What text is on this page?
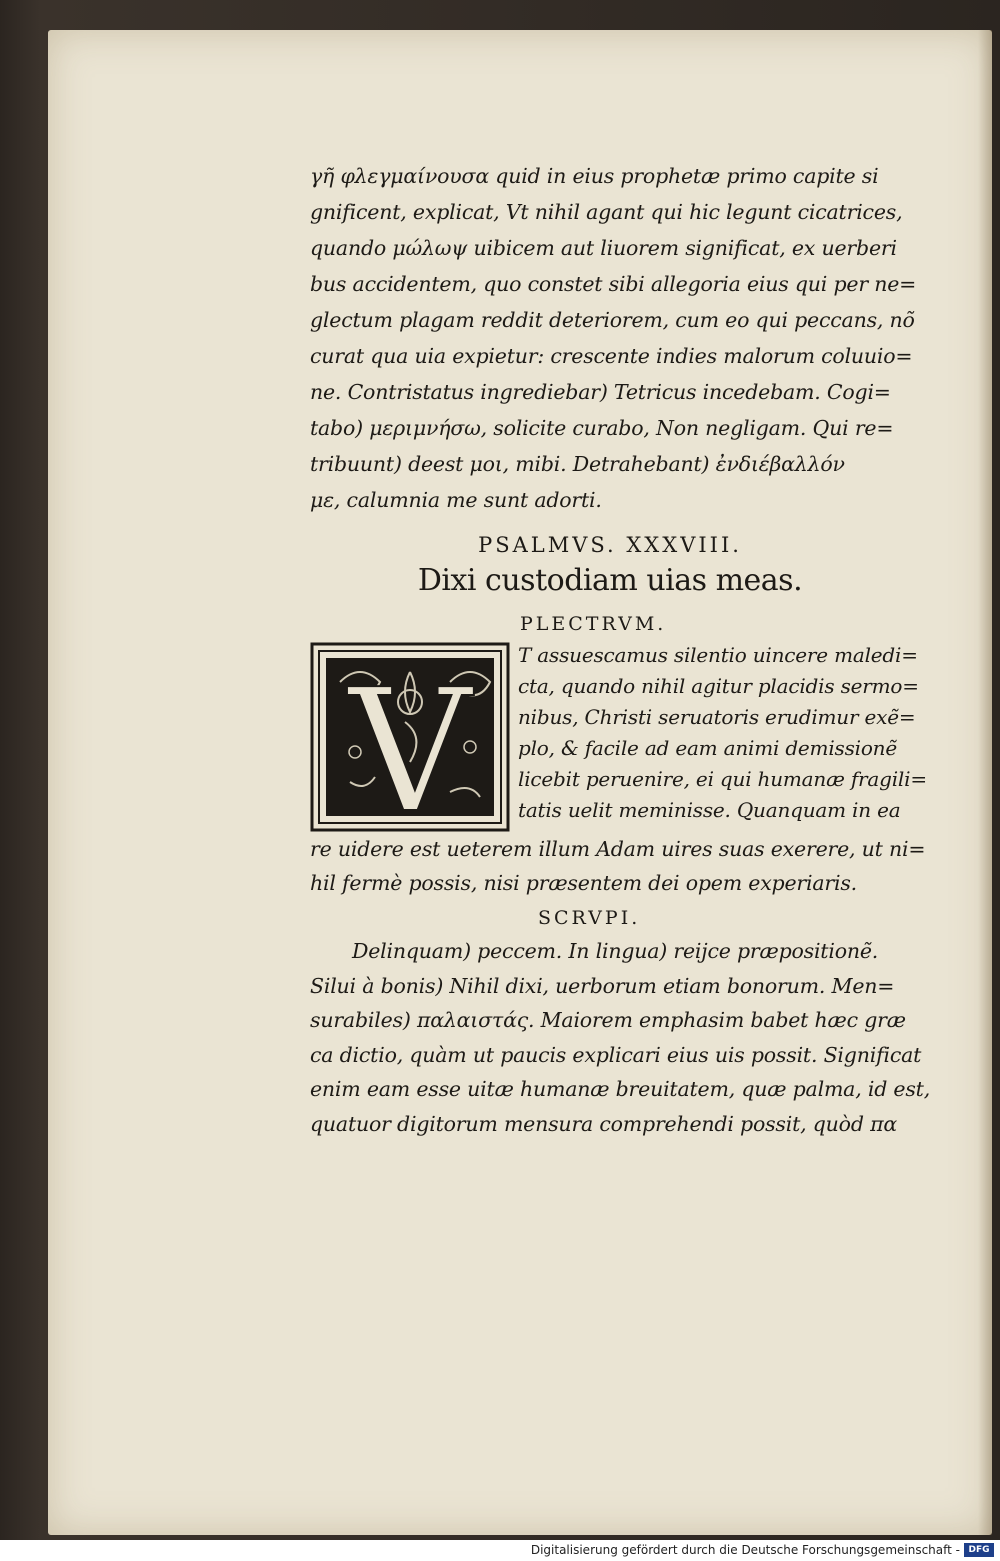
γῆ φλεγμαίνουσα quid in eius prophetæ primo capite si
gnificent, explicat, Vt nihil agant qui hic legunt cicatrices,
quando μώλωψ uibicem aut liuorem significat, ex uerberi
bus accidentem, quo constet sibi allegoria eius qui per ne=
glectum plagam reddit deteriorem, cum eo qui peccans, nõ
curat qua uia expietur: crescente indies malorum coluuio=
ne. Contristatus ingrediebar) Tetricus incedebam. Cogi=
tabo) μεριμνήσω, solicite curabo, Non negligam. Qui re=
tribuunt) deest μοι, mibi. Detrahebant) ἐνδιέβαλλόν
με, calumnia me sunt adorti.
PSALMVS. XXXVIII.
Dixi custodiam uias meas.
PLECTRVM.
V T assuescamus silentio uincere maledi=
cta, quando nihil agitur placidis sermo=
nibus, Christi seruatoris erudimur exẽ=
plo, & facile ad eam animi demissionẽ
licebit peruenire, ei qui humanæ fragili=
tatis uelit meminisse. Quanquam in ea
re uidere est ueterem illum Adam uires suas exerere, ut ni=
hil fermè possis, nisi præsentem dei opem experiaris.
SCRVPI.
Delinquam) peccem. In lingua) reijce præpositionẽ.
Silui à bonis) Nihil dixi, uerborum etiam bonorum. Men=
surabiles) παλαιστάς. Maiorem emphasim babet hæc græ
ca dictio, quàm ut paucis explicari eius uis possit. Significat
enim eam esse uitæ humanæ breuitatem, quæ palma, id est,
quatuor digitorum mensura comprehendi possit, quòd πα
Digitalisierung gefördert durch die Deutsche Forschungsgemeinschaft - DFG
